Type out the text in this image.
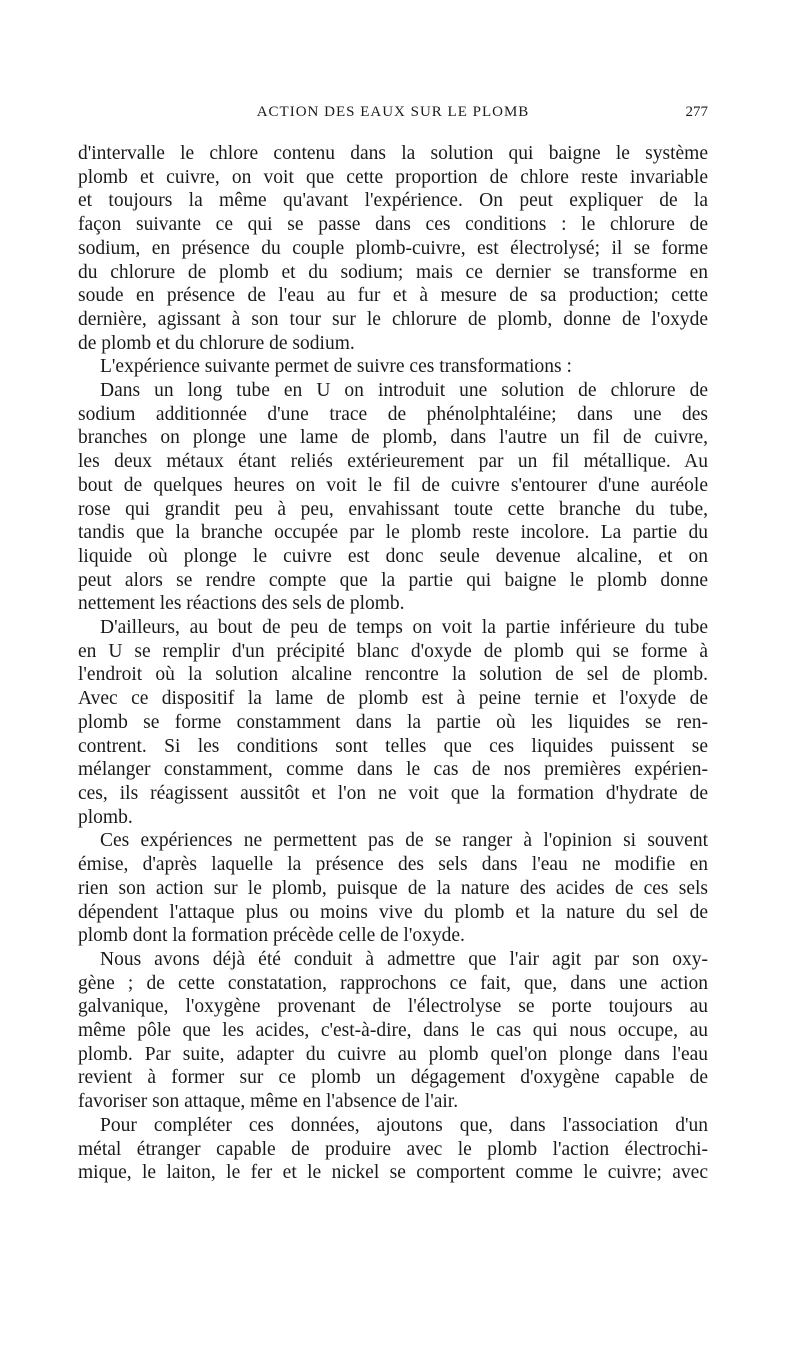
ACTION DES EAUX SUR LE PLOMB	277

d'intervalle le chlore contenu dans la solution qui baigne le système
plomb et cuivre, on voit que cette proportion de chlore reste invariable
et toujours la même qu'avant l'expérience. On peut expliquer de la
façon suivante ce qui se passe dans ces conditions : le chlorure de
sodium, en présence du couple plomb-cuivre, est électrolysé; il se forme
du chlorure de plomb et du sodium; mais ce dernier se transforme en
soude en présence de l'eau au fur et à mesure de sa production; cette
dernière, agissant à son tour sur le chlorure de plomb, donne de l'oxyde
de plomb et du chlorure de sodium.

L'expérience suivante permet de suivre ces transformations :

Dans un long tube en U on introduit une solution de chlorure de
sodium additionnée d'une trace de phénolphtaléine; dans une des
branches on plonge une lame de plomb, dans l'autre un fil de cuivre,
les deux métaux étant reliés extérieurement par un fil métallique. Au
bout de quelques heures on voit le fil de cuivre s'entourer d'une auréole
rose qui grandit peu à peu, envahissant toute cette branche du tube,
tandis que la branche occupée par le plomb reste incolore. La partie du
liquide où plonge le cuivre est donc seule devenue alcaline, et on
peut alors se rendre compte que la partie qui baigne le plomb donne
nettement les réactions des sels de plomb.

D'ailleurs, au bout de peu de temps on voit la partie inférieure du tube
en U se remplir d'un précipité blanc d'oxyde de plomb qui se forme à
l'endroit où la solution alcaline rencontre la solution de sel de plomb.
Avec ce dispositif la lame de plomb est à peine ternie et l'oxyde de
plomb se forme constamment dans la partie où les liquides se ren-
contrent. Si les conditions sont telles que ces liquides puissent se
mélanger constamment, comme dans le cas de nos premières expérien-
ces, ils réagissent aussitôt et l'on ne voit que la formation d'hydrate de
plomb.

Ces expériences ne permettent pas de se ranger à l'opinion si souvent
émise, d'après laquelle la présence des sels dans l'eau ne modifie en
rien son action sur le plomb, puisque de la nature des acides de ces sels
dépendent l'attaque plus ou moins vive du plomb et la nature du sel de
plomb dont la formation précède celle de l'oxyde.

Nous avons déjà été conduit à admettre que l'air agit par son oxy-
gène ; de cette constatation, rapprochons ce fait, que, dans une action
galvanique, l'oxygène provenant de l'électrolyse se porte toujours au
même pôle que les acides, c'est-à-dire, dans le cas qui nous occupe, au
plomb. Par suite, adapter du cuivre au plomb quel'on plonge dans l'eau
revient à former sur ce plomb un dégagement d'oxygène capable de
favoriser son attaque, même en l'absence de l'air.

Pour compléter ces données, ajoutons que, dans l'association d'un
métal étranger capable de produire avec le plomb l'action électrochi-
mique, le laiton, le fer et le nickel se comportent comme le cuivre; avec
